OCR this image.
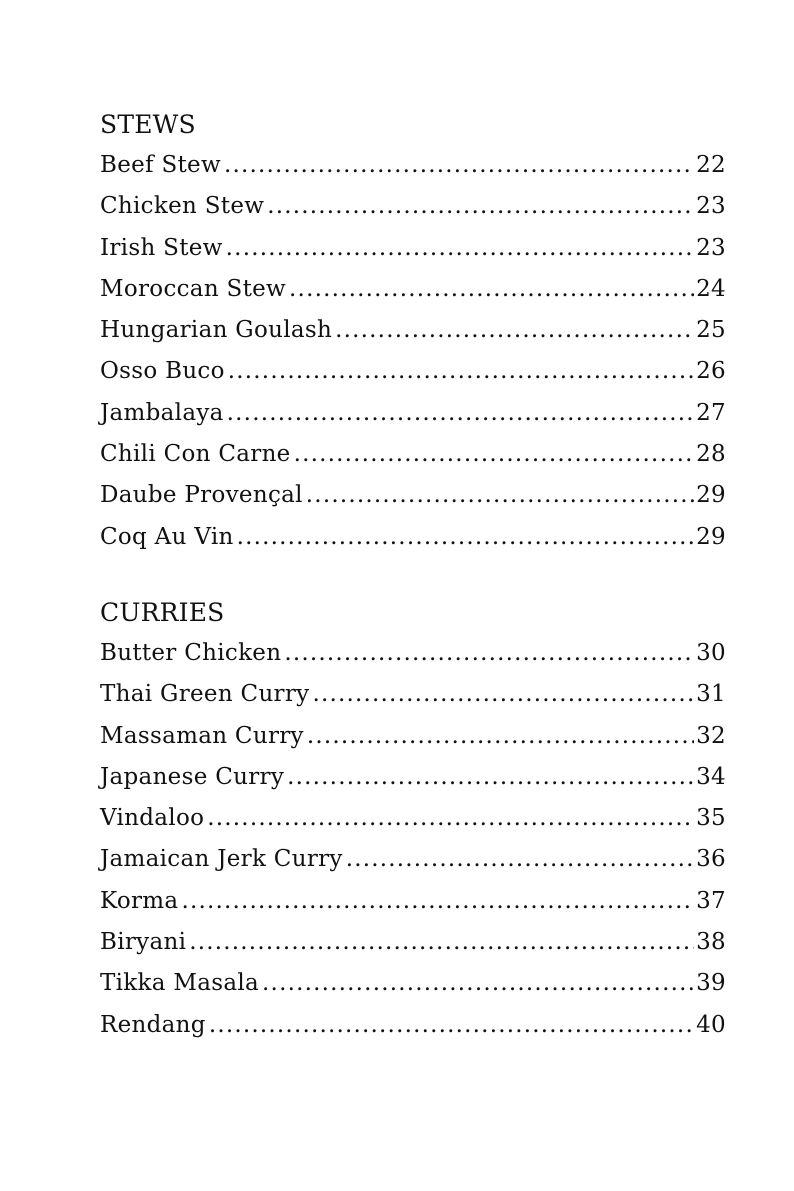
STEWS
Beef Stew .....	22
Chicken Stew .....	23
Irish Stew .....	23
Moroccan Stew .....	24
Hungarian Goulash .....	25
Osso Buco .....	26
Jambalaya .....	27
Chili Con Carne .....	28
Daube Provençal .....	29
Coq Au Vin .....	29
CURRIES
Butter Chicken .....	30
Thai Green Curry .....	31
Massaman Curry .....	32
Japanese Curry .....	34
Vindaloo .....	35
Jamaican Jerk Curry .....	36
Korma .....	37
Biryani .....	38
Tikka Masala .....	39
Rendang .....	40
